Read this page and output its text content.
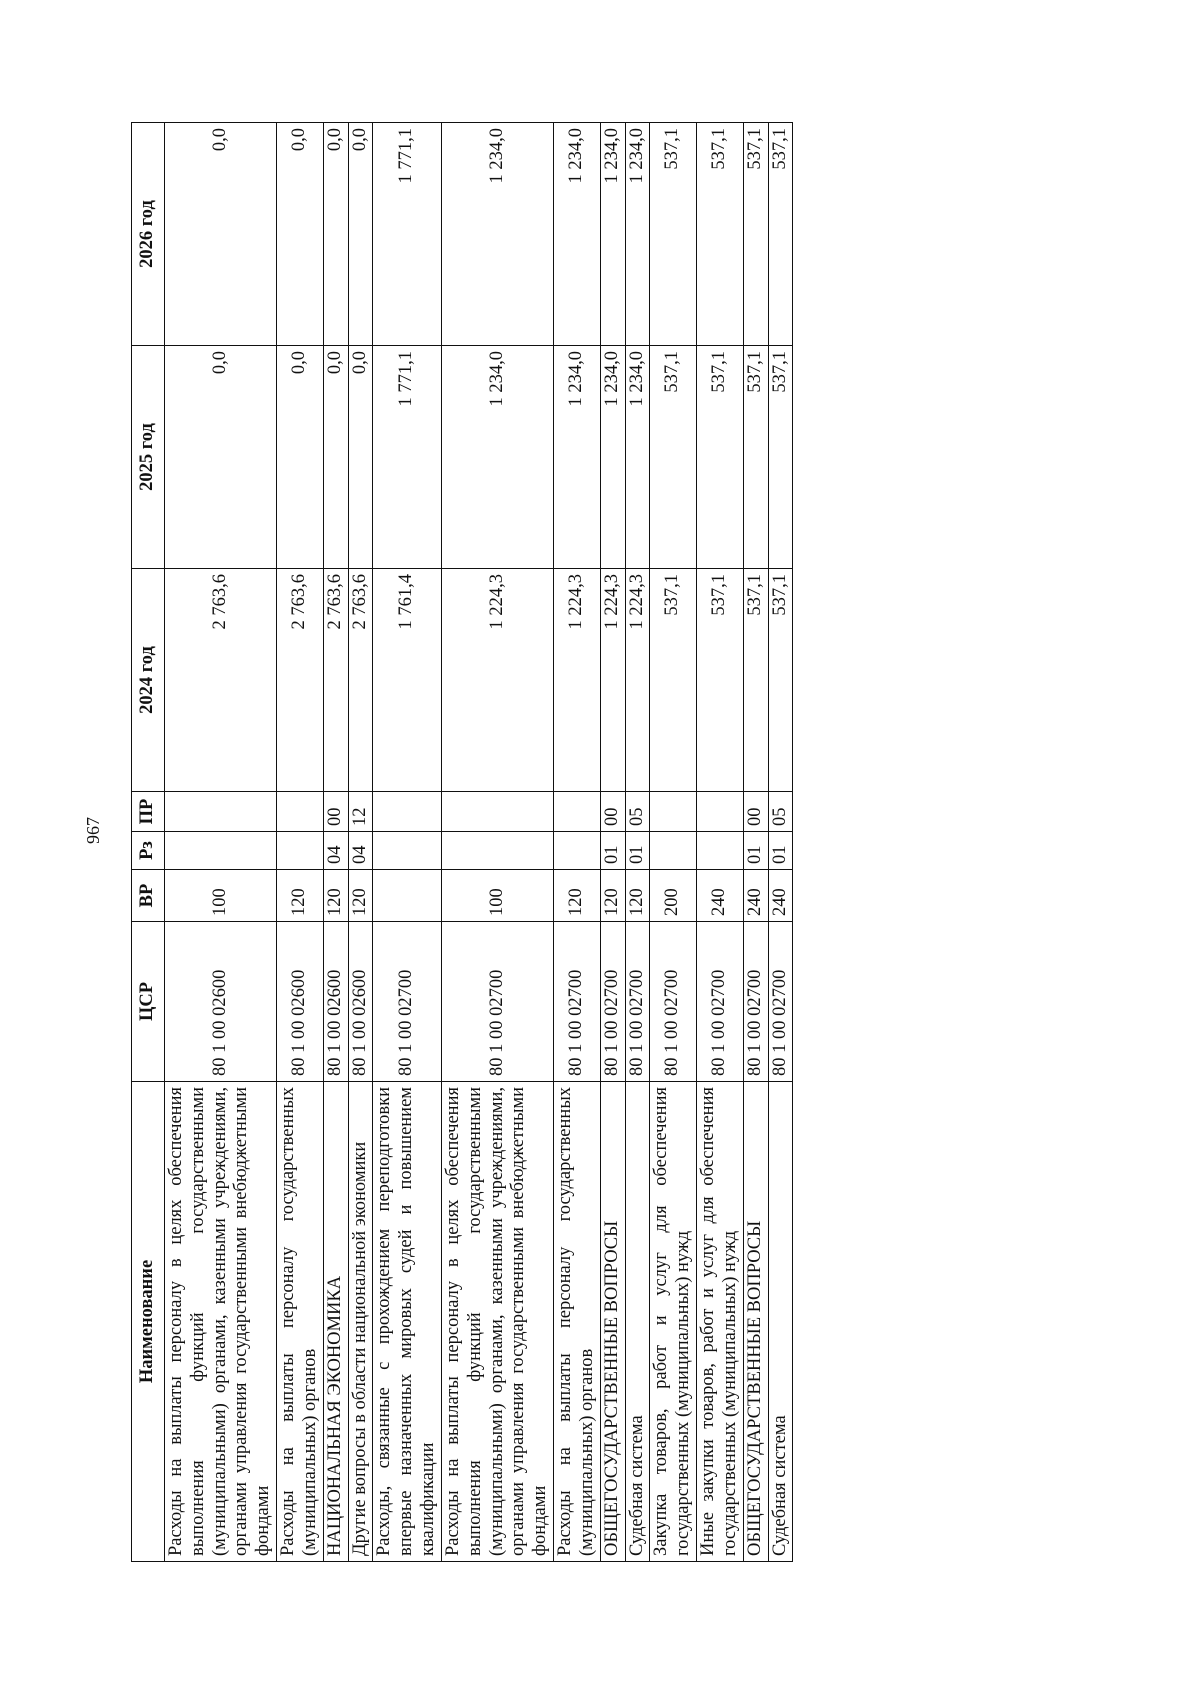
967
Наименование	ЦСР	ВР	Рз	ПР	2024 год	2025 год	2026 год
Расходы на выплаты персоналу в целях обеспечения выполнения функций государственными (муниципальными) органами, казенными учреждениями, органами управления государственными внебюджетными фондами	80 1 00 02600	100			2 763,6	0,0	0,0
Расходы на выплаты персоналу государственных (муниципальных) органов	80 1 00 02600	120			2 763,6	0,0	0,0
НАЦИОНАЛЬНАЯ ЭКОНОМИКА	80 1 00 02600	120	04	00	2 763,6	0,0	0,0
Другие вопросы в области национальной экономики	80 1 00 02600	120	04	12	2 763,6	0,0	0,0
Расходы, связанные с прохождением переподготовки впервые назначенных мировых судей и повышением квалификации	80 1 00 02700				1 761,4	1 771,1	1 771,1
Расходы на выплаты персоналу в целях обеспечения выполнения функций государственными (муниципальными) органами, казенными учреждениями, органами управления государственными внебюджетными фондами	80 1 00 02700	100			1 224,3	1 234,0	1 234,0
Расходы на выплаты персоналу государственных (муниципальных) органов	80 1 00 02700	120			1 224,3	1 234,0	1 234,0
ОБЩЕГОСУДАРСТВЕННЫЕ ВОПРОСЫ	80 1 00 02700	120	01	00	1 224,3	1 234,0	1 234,0
Судебная система	80 1 00 02700	120	01	05	1 224,3	1 234,0	1 234,0
Закупка товаров, работ и услуг для обеспечения государственных (муниципальных) нужд	80 1 00 02700	200			537,1	537,1	537,1
Иные закупки товаров, работ и услуг для обеспечения государственных (муниципальных) нужд	80 1 00 02700	240			537,1	537,1	537,1
ОБЩЕГОСУДАРСТВЕННЫЕ ВОПРОСЫ	80 1 00 02700	240	01	00	537,1	537,1	537,1
Судебная система	80 1 00 02700	240	01	05	537,1	537,1	537,1
